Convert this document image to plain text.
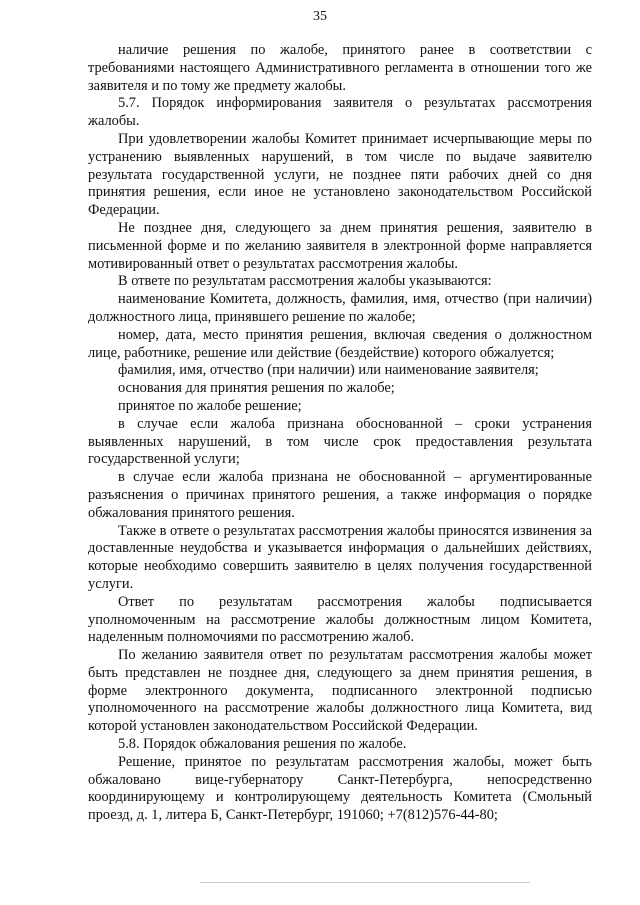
35

наличие решения по жалобе, принятого ранее в соответствии с требованиями настоящего Административного регламента в отношении того же заявителя и по тому же предмету жалобы.

5.7. Порядок информирования заявителя о результатах рассмотрения жалобы.

При удовлетворении жалобы Комитет принимает исчерпывающие меры по устранению выявленных нарушений, в том числе по выдаче заявителю результата государственной услуги, не позднее пяти рабочих дней со дня принятия решения, если иное не установлено законодательством Российской Федерации.

Не позднее дня, следующего за днем принятия решения, заявителю в письменной форме и по желанию заявителя в электронной форме направляется мотивированный ответ о результатах рассмотрения жалобы.

В ответе по результатам рассмотрения жалобы указываются:

наименование Комитета, должность, фамилия, имя, отчество (при наличии) должностного лица, принявшего решение по жалобе;

номер, дата, место принятия решения, включая сведения о должностном лице, работнике, решение или действие (бездействие) которого обжалуется;

фамилия, имя, отчество (при наличии) или наименование заявителя;

основания для принятия решения по жалобе;

принятое по жалобе решение;

в случае если жалоба признана обоснованной – сроки устранения выявленных нарушений, в том числе срок предоставления результата государственной услуги;

в случае если жалоба признана не обоснованной – аргументированные разъяснения о причинах принятого решения, а также информация о порядке обжалования принятого решения.

Также в ответе о результатах рассмотрения жалобы приносятся извинения за доставленные неудобства и указывается информация о дальнейших действиях, которые необходимо совершить заявителю в целях получения государственной услуги.

Ответ по результатам рассмотрения жалобы подписывается уполномоченным на рассмотрение жалобы должностным лицом Комитета, наделенным полномочиями по рассмотрению жалоб.

По желанию заявителя ответ по результатам рассмотрения жалобы может быть представлен не позднее дня, следующего за днем принятия решения, в форме электронного документа, подписанного электронной подписью уполномоченного на рассмотрение жалобы должностного лица Комитета, вид которой установлен законодательством Российской Федерации.

5.8. Порядок обжалования решения по жалобе.

Решение, принятое по результатам рассмотрения жалобы, может быть обжаловано вице-губернатору Санкт-Петербурга, непосредственно координирующему и контролирующему деятельность Комитета (Смольный проезд, д. 1, литера Б, Санкт-Петербург, 191060; +7(812)576-44-80;
